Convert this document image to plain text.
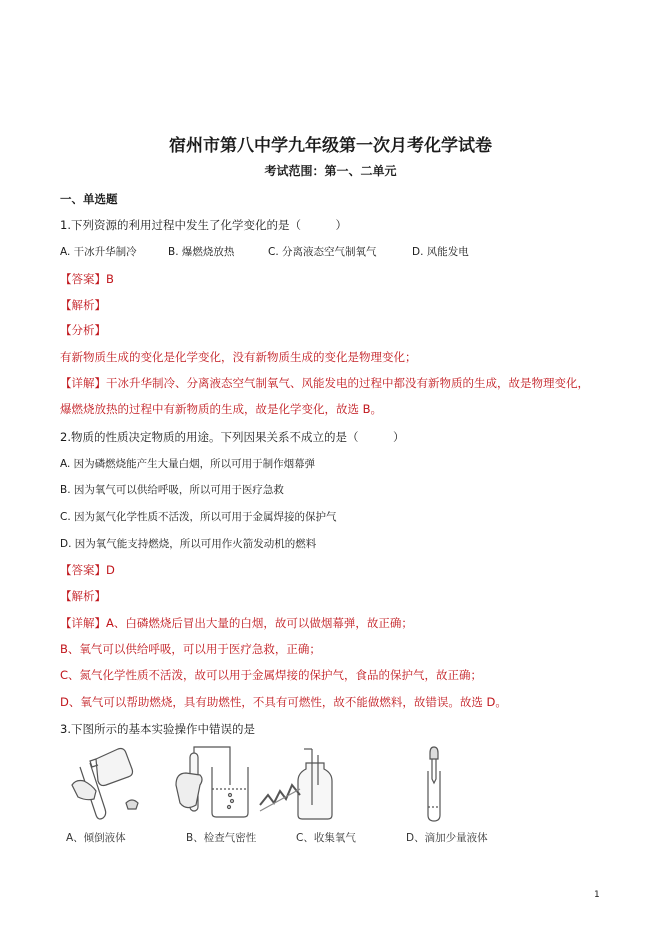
宿州市第八中学九年级第一次月考化学试卷
考试范围：第一、二单元
一、单选题
1.下列资源的利用过程中发生了化学变化的是（　　　）
A. 干冰升华制冷	B. 爆燃烧放热	C. 分离液态空气制氧气	D. 风能发电
【答案】B
【解析】
【分析】
有新物质生成的变化是化学变化，没有新物质生成的变化是物理变化；
【详解】干冰升华制冷、分离液态空气制氧气、风能发电的过程中都没有新物质的生成，故是物理变化，
爆燃烧放热的过程中有新物质的生成，故是化学变化，故选 B。
2.物质的性质决定物质的用途。下列因果关系不成立的是（　　　）
A. 因为磷燃烧能产生大量白烟，所以可用于制作烟幕弹
B. 因为氧气可以供给呼吸，所以可用于医疗急救
C. 因为氮气化学性质不活泼，所以可用于金属焊接的保护气
D. 因为氧气能支持燃烧，所以可用作火箭发动机的燃料
【答案】D
【解析】
【详解】A、白磷燃烧后冒出大量的白烟，故可以做烟幕弹，故正确；
B、氧气可以供给呼吸，可以用于医疗急救，正确；
C、氮气化学性质不活泼，故可以用于金属焊接的保护气，食品的保护气，故正确；
D、氧气可以帮助燃烧，具有助燃性，不具有可燃性，故不能做燃料，故错误。故选 D。
3.下图所示的基本实验操作中错误的是
A、倾倒液体	B、检查气密性	C、收集氧气	D、滴加少量液体
1
